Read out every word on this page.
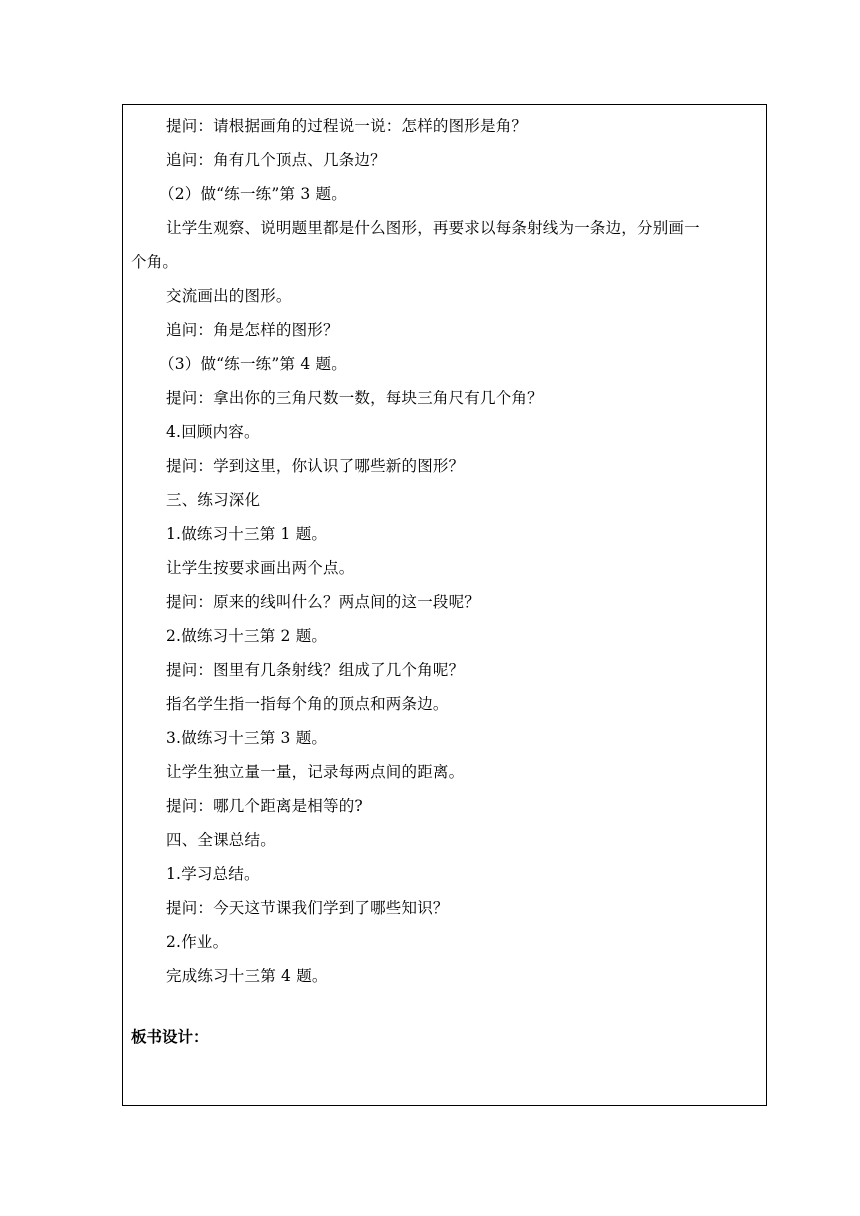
提问：请根据画角的过程说一说：怎样的图形是角？
追问：角有几个顶点、几条边？
（2）做“练一练”第 3 题。
让学生观察、说明题里都是什么图形，再要求以每条射线为一条边，分别画一
个角。
交流画出的图形。
追问：角是怎样的图形？
（3）做“练一练”第 4 题。
提问：拿出你的三角尺数一数，每块三角尺有几个角？
4.回顾内容。
提问：学到这里，你认识了哪些新的图形？
三、练习深化
1.做练习十三第 1 题。
让学生按要求画出两个点。
提问：原来的线叫什么？两点间的这一段呢？
2.做练习十三第 2 题。
提问：图里有几条射线？组成了几个角呢？
指名学生指一指每个角的顶点和两条边。
3.做练习十三第 3 题。
让学生独立量一量，记录每两点间的距离。
提问：哪几个距离是相等的?
四、全课总结。
1.学习总结。
提问：今天这节课我们学到了哪些知识？
2.作业。
完成练习十三第 4 题。
板书设计：
